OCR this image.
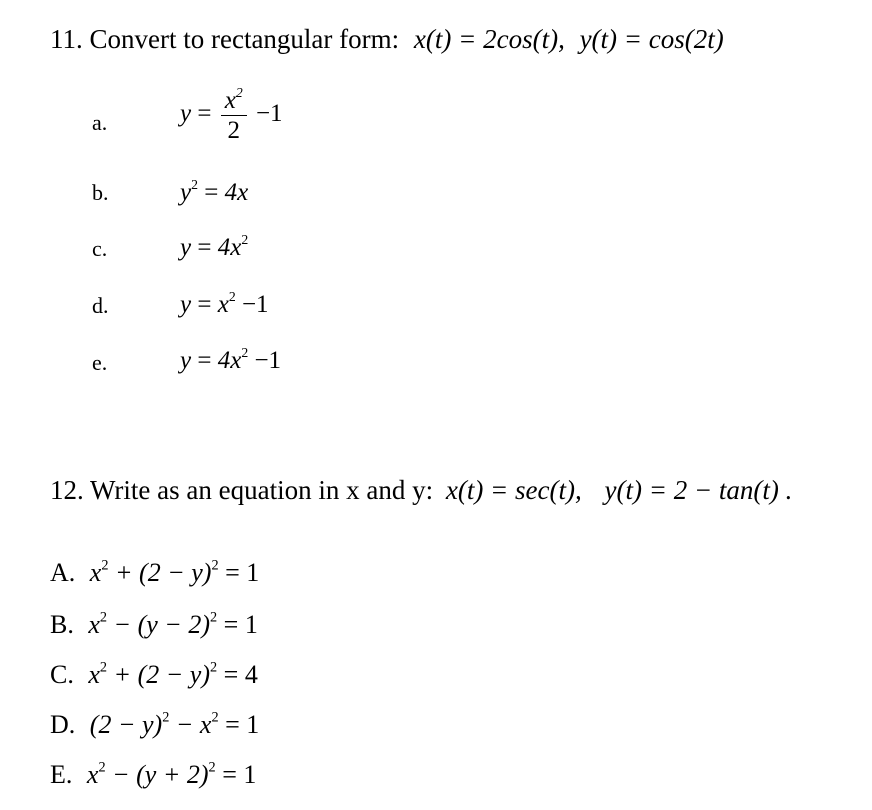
11. Convert to rectangular form: x(t) = 2cos(t), y(t) = cos(2t)
a.	$y = \frac{x^2}{2} -1$
b.	$y^2 = 4x$
c.	$y = 4x^2$
d.	$y = x^2 -1$
e.	$y = 4x^2 -1$
12. Write as an equation in x and y: x(t) = sec(t), y(t) = 2 − tan(t) .
A. $x^2 + (2 - y)^2 = 1$
B. $x^2 - (y - 2)^2 = 1$
C. $x^2 + (2 - y)^2 = 4$
D. $(2 - y)^2 - x^2 = 1$
E. $x^2 - (y + 2)^2 = 1$
